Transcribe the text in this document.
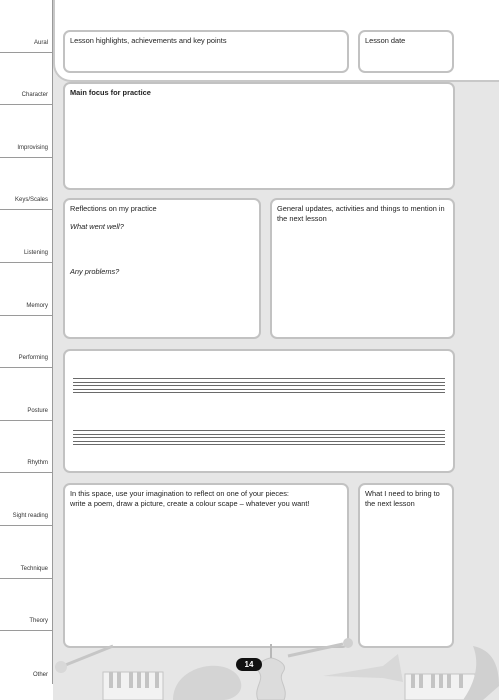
Aural
Character
Improvising
Keys/Scales
Listening
Memory
Performing
Posture
Rhythm
Sight reading
Technique
Theory
Other
Lesson highlights, achievements and key points	Lesson date
Main focus for practice
Reflections on my practice
What went well?
Any problems?
General updates, activities and things to mention in the next lesson
In this space, use your imagination to reflect on one of your pieces:
write a poem, draw a picture, create a colour scape – whatever you want!
What I need to bring to the next lesson
14
